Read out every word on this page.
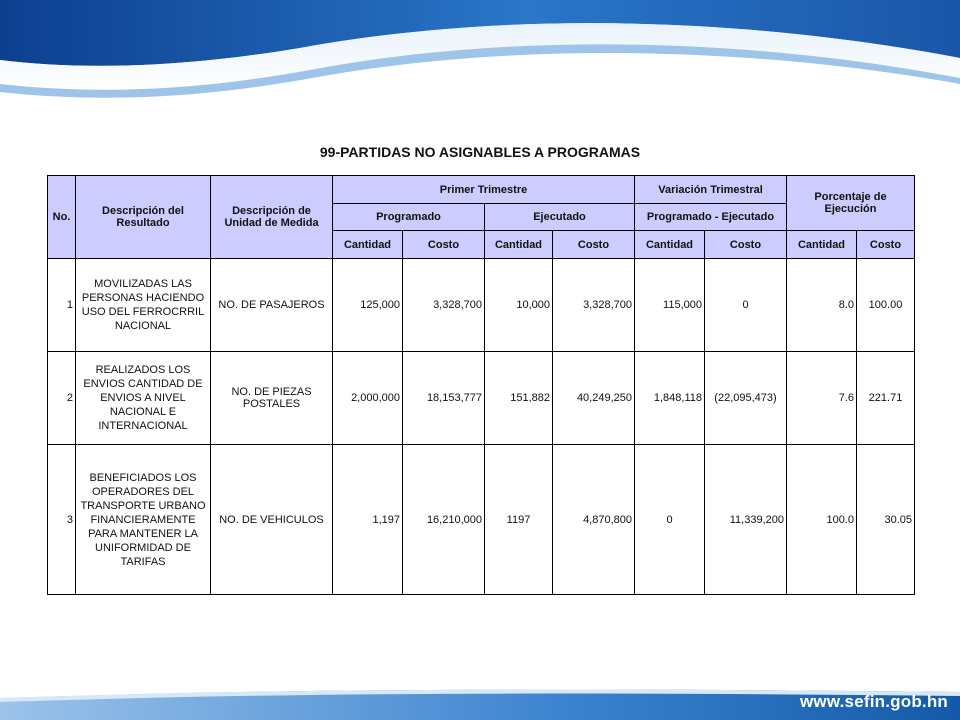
99-PARTIDAS NO ASIGNABLES A PROGRAMAS
No.	Descripción del Resultado	Descripción de Unidad de Medida	Primer Trimestre				Variación Trimestral		Porcentaje de Ejecución	
			Programado		Ejecutado		Programado - Ejecutado			
			Cantidad	Costo	Cantidad	Costo	Cantidad	Costo	Cantidad	Costo
1	MOVILIZADAS LAS PERSONAS HACIENDO USO DEL FERROCRRIL NACIONAL	NO. DE PASAJEROS	125,000	3,328,700	10,000	3,328,700	115,000	0	8.0	100.00
2	REALIZADOS LOS ENVIOS CANTIDAD DE ENVIOS A NIVEL NACIONAL E INTERNACIONAL	NO. DE PIEZAS POSTALES	2,000,000	18,153,777	151,882	40,249,250	1,848,118	(22,095,473)	7.6	221.71
3	BENEFICIADOS LOS OPERADORES DEL TRANSPORTE URBANO FINANCIERAMENTE PARA MANTENER LA UNIFORMIDAD DE TARIFAS	NO. DE VEHICULOS	1,197	16,210,000	1197	4,870,800	0	11,339,200	100.0	30.05
www.sefin.gob.hn
